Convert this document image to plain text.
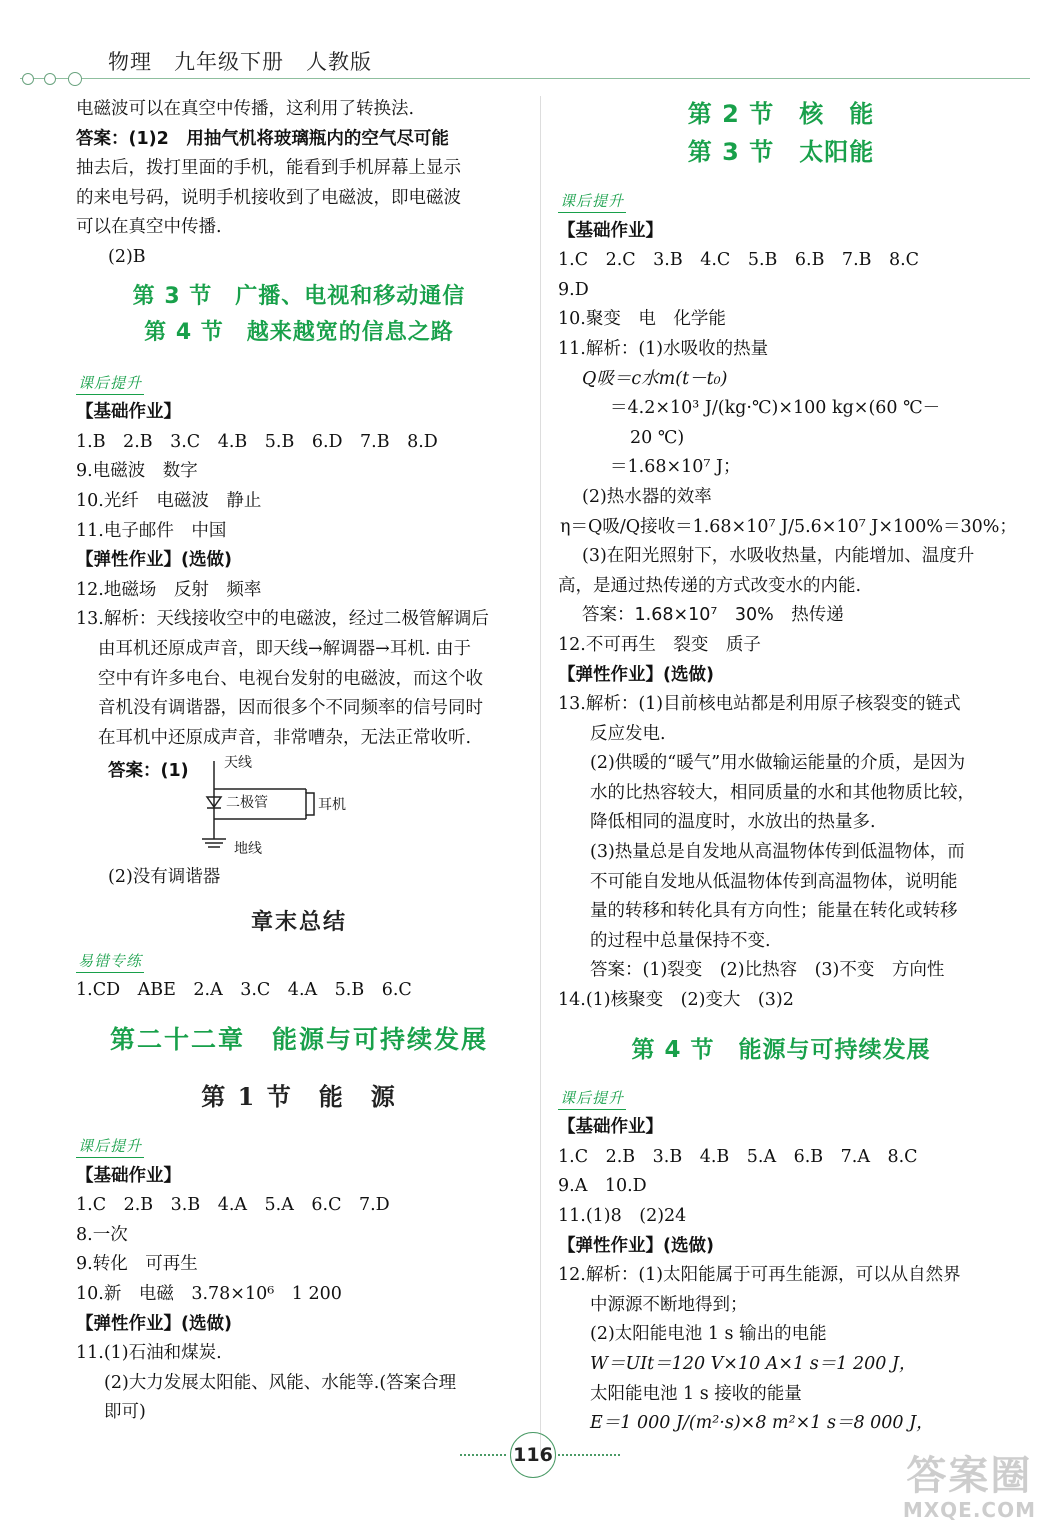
物理　 九年级下册　 人教版
电磁波可以在真空中传播，这利用了转换法.
答案：(1)2　用抽气机将玻璃瓶内的空气尽可能
抽去后，拨打里面的手机，能看到手机屏幕上显示
的来电号码，说明手机接收到了电磁波，即电磁波
可以在真空中传播.
(2)B
第 3 节　广播、电视和移动通信
第 4 节　越来越宽的信息之路
课后提升
【基础作业】
1.B　2.B　3.C　4.B　5.B　6.D　7.B　8.D
9.电磁波　数字
10.光纤　电磁波　静止
11.电子邮件　中国
【弹性作业】(选做)
12.地磁场　反射　频率
13.解析：天线接收空中的电磁波，经过二极管解调后
由耳机还原成声音，即天线→解调器→耳机. 由于
空中有许多电台、电视台发射的电磁波，而这个收
音机没有调谐器，因而很多个不同频率的信号同时
在耳机中还原成声音，非常嘈杂，无法正常收听.
答案：(1)	天线
二极管	耳机
地线
(2)没有调谐器
章末总结
易错专练
1.CD　ABE　2.A　3.C　4.A　5.B　6.C
第二十二章　能源与可持续发展
第 1 节　能　源
课后提升
【基础作业】
1.C　2.B　3.B　4.A　5.A　6.C　7.D
8.一次
9.转化　可再生
10.新　电磁　3.78×10⁶　1 200
【弹性作业】(选做)
11.(1)石油和煤炭.
(2)大力发展太阳能、风能、水能等.(答案合理
即可)
第 2 节　核　能
第 3 节　太阳能
课后提升
【基础作业】
1.C　2.C　3.B　4.C　5.B　6.B　7.B　8.C
9.D
10.聚变　电　化学能
11.解析：(1)水吸收的热量
Q吸＝c水m(t－t₀)
＝4.2×10³ J/(kg·℃)×100 kg×(60 ℃－
20 ℃)
＝1.68×10⁷ J；
(2)热水器的效率
η＝Q吸/Q接收＝1.68×10⁷ J/5.6×10⁷ J×100%＝30%；
(3)在阳光照射下，水吸收热量，内能增加、温度升
高，是通过热传递的方式改变水的内能.
答案：1.68×10⁷　30%　热传递
12.不可再生　裂变　质子
【弹性作业】(选做)
13.解析：(1)目前核电站都是利用原子核裂变的链式
反应发电.
(2)供暖的“暖气”用水做输运能量的介质，是因为
水的比热容较大，相同质量的水和其他物质比较，
降低相同的温度时，水放出的热量多.
(3)热量总是自发地从高温物体传到低温物体，而
不可能自发地从低温物体传到高温物体，说明能
量的转移和转化具有方向性；能量在转化或转移
的过程中总量保持不变.
答案：(1)裂变　(2)比热容　(3)不变　方向性
14.(1)核聚变　(2)变大　(3)2
第 4 节　能源与可持续发展
课后提升
【基础作业】
1.C　2.B　3.B　4.B　5.A　6.B　7.A　8.C
9.A　10.D
11.(1)8　(2)24
【弹性作业】(选做)
12.解析：(1)太阳能属于可再生能源，可以从自然界
中源源不断地得到；
(2)太阳能电池 1 s 输出的电能
W＝UIt＝120 V×10 A×1 s＝1 200 J，
太阳能电池 1 s 接收的能量
E＝1 000 J/(m²·s)×8 m²×1 s＝8 000 J，
116	答案圈
MXQE.COM
